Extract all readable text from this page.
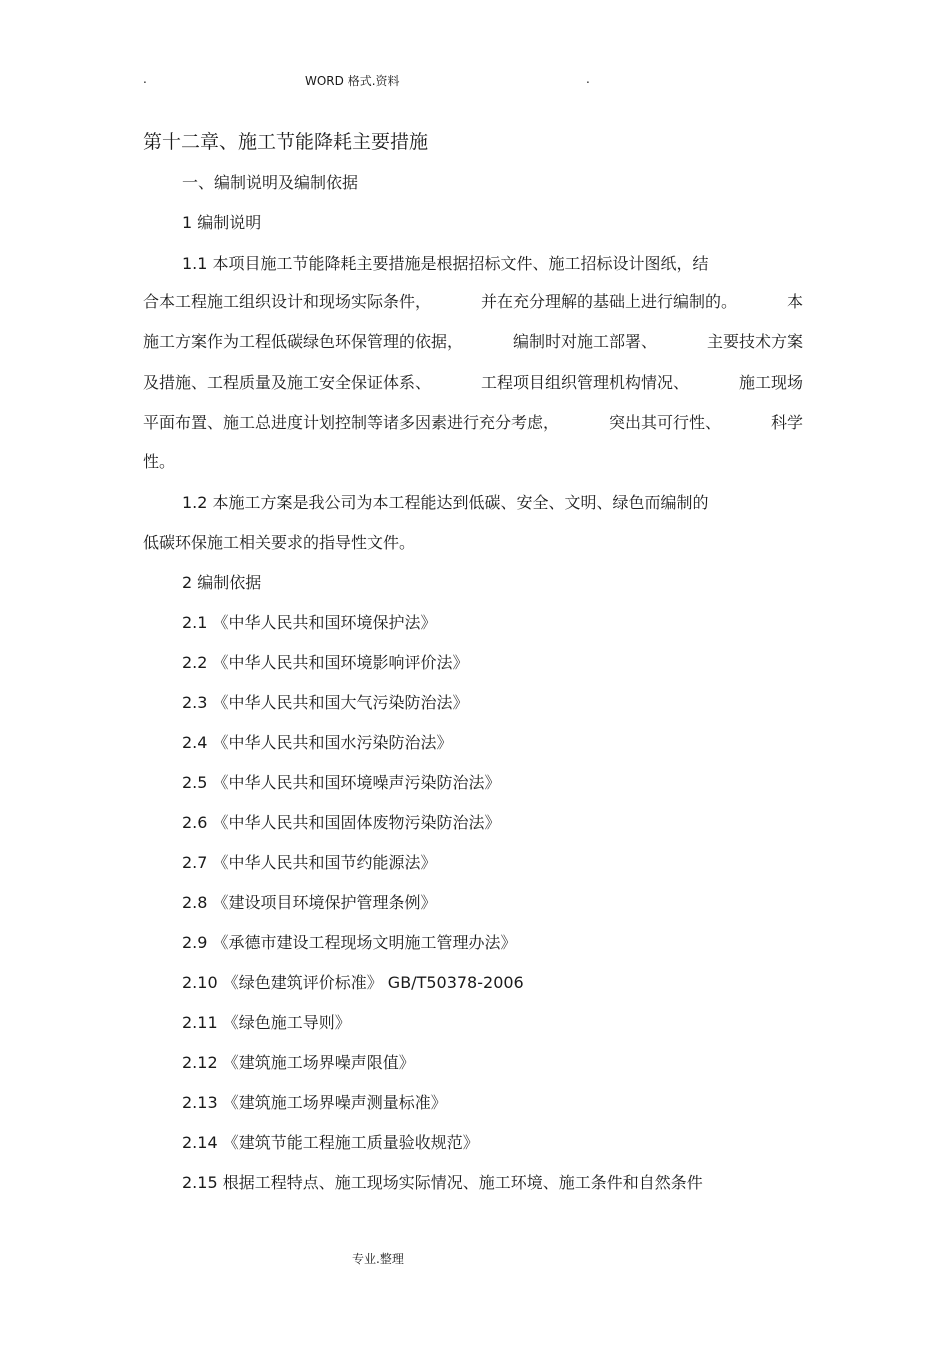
.	WORD 格式.资料	.
第十二章、施工节能降耗主要措施
一、编制说明及编制依据
1 编制说明
1.1 本项目施工节能降耗主要措施是根据招标文件、施工招标设计图纸，结
合本工程施工组织设计和现场实际条件，	并在充分理解的基础上进行编制的。	本
施工方案作为工程低碳绿色环保管理的依据，	编制时对施工部署、	主要技术方案
及措施、工程质量及施工安全保证体系、	工程项目组织管理机构情况、	施工现场
平面布置、施工总进度计划控制等诸多因素进行充分考虑，	突出其可行性、	科学
性。
1.2 本施工方案是我公司为本工程能达到低碳、安全、文明、绿色而编制的
低碳环保施工相关要求的指导性文件。
2 编制依据
2.1 《中华人民共和国环境保护法》
2.2 《中华人民共和国环境影响评价法》
2.3 《中华人民共和国大气污染防治法》
2.4 《中华人民共和国水污染防治法》
2.5 《中华人民共和国环境噪声污染防治法》
2.6 《中华人民共和国固体废物污染防治法》
2.7 《中华人民共和国节约能源法》
2.8 《建设项目环境保护管理条例》
2.9 《承德市建设工程现场文明施工管理办法》
2.10 《绿色建筑评价标准》 GB/T50378-2006
2.11 《绿色施工导则》
2.12 《建筑施工场界噪声限值》
2.13 《建筑施工场界噪声测量标准》
2.14 《建筑节能工程施工质量验收规范》
2.15 根据工程特点、施工现场实际情况、施工环境、施工条件和自然条件
专业.整理
